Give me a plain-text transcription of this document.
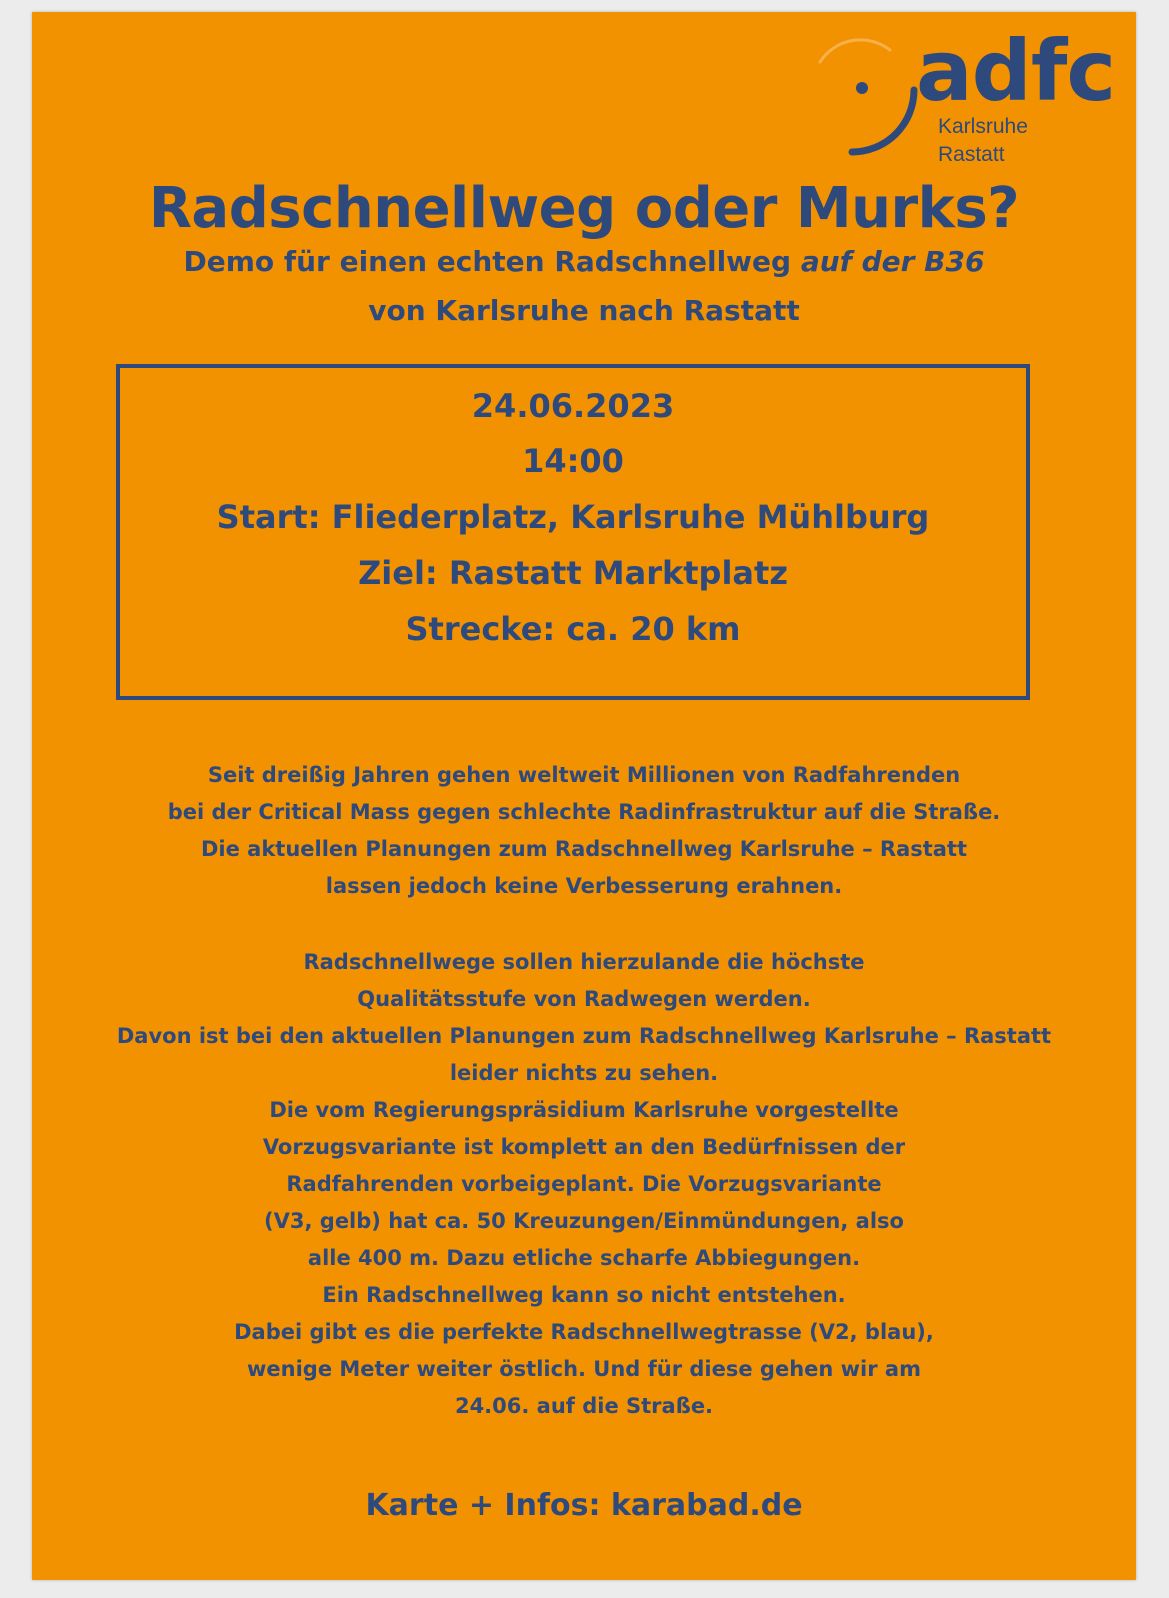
adfc
Karlsruhe
Rastatt
Radschnellweg oder Murks?
Demo für einen echten Radschnellweg auf der B36
von Karlsruhe nach Rastatt
24.06.2023
14:00
Start: Fliederplatz, Karlsruhe Mühlburg
Ziel: Rastatt Marktplatz
Strecke: ca. 20 km
Seit dreißig Jahren gehen weltweit Millionen von Radfahrenden
bei der Critical Mass gegen schlechte Radinfrastruktur auf die Straße.
Die aktuellen Planungen zum Radschnellweg Karlsruhe – Rastatt
lassen jedoch keine Verbesserung erahnen.
Radschnellwege sollen hierzulande die höchste
Qualitätsstufe von Radwegen werden.
Davon ist bei den aktuellen Planungen zum Radschnellweg Karlsruhe – Rastatt
leider nichts zu sehen.
Die vom Regierungspräsidium Karlsruhe vorgestellte
Vorzugsvariante ist komplett an den Bedürfnissen der
Radfahrenden vorbeigeplant. Die Vorzugsvariante
(V3, gelb) hat ca. 50 Kreuzungen/Einmündungen, also
alle 400 m. Dazu etliche scharfe Abbiegungen.
Ein Radschnellweg kann so nicht entstehen.
Dabei gibt es die perfekte Radschnellwegtrasse (V2, blau),
wenige Meter weiter östlich. Und für diese gehen wir am
24.06. auf die Straße.
Karte + Infos: karabad.de
